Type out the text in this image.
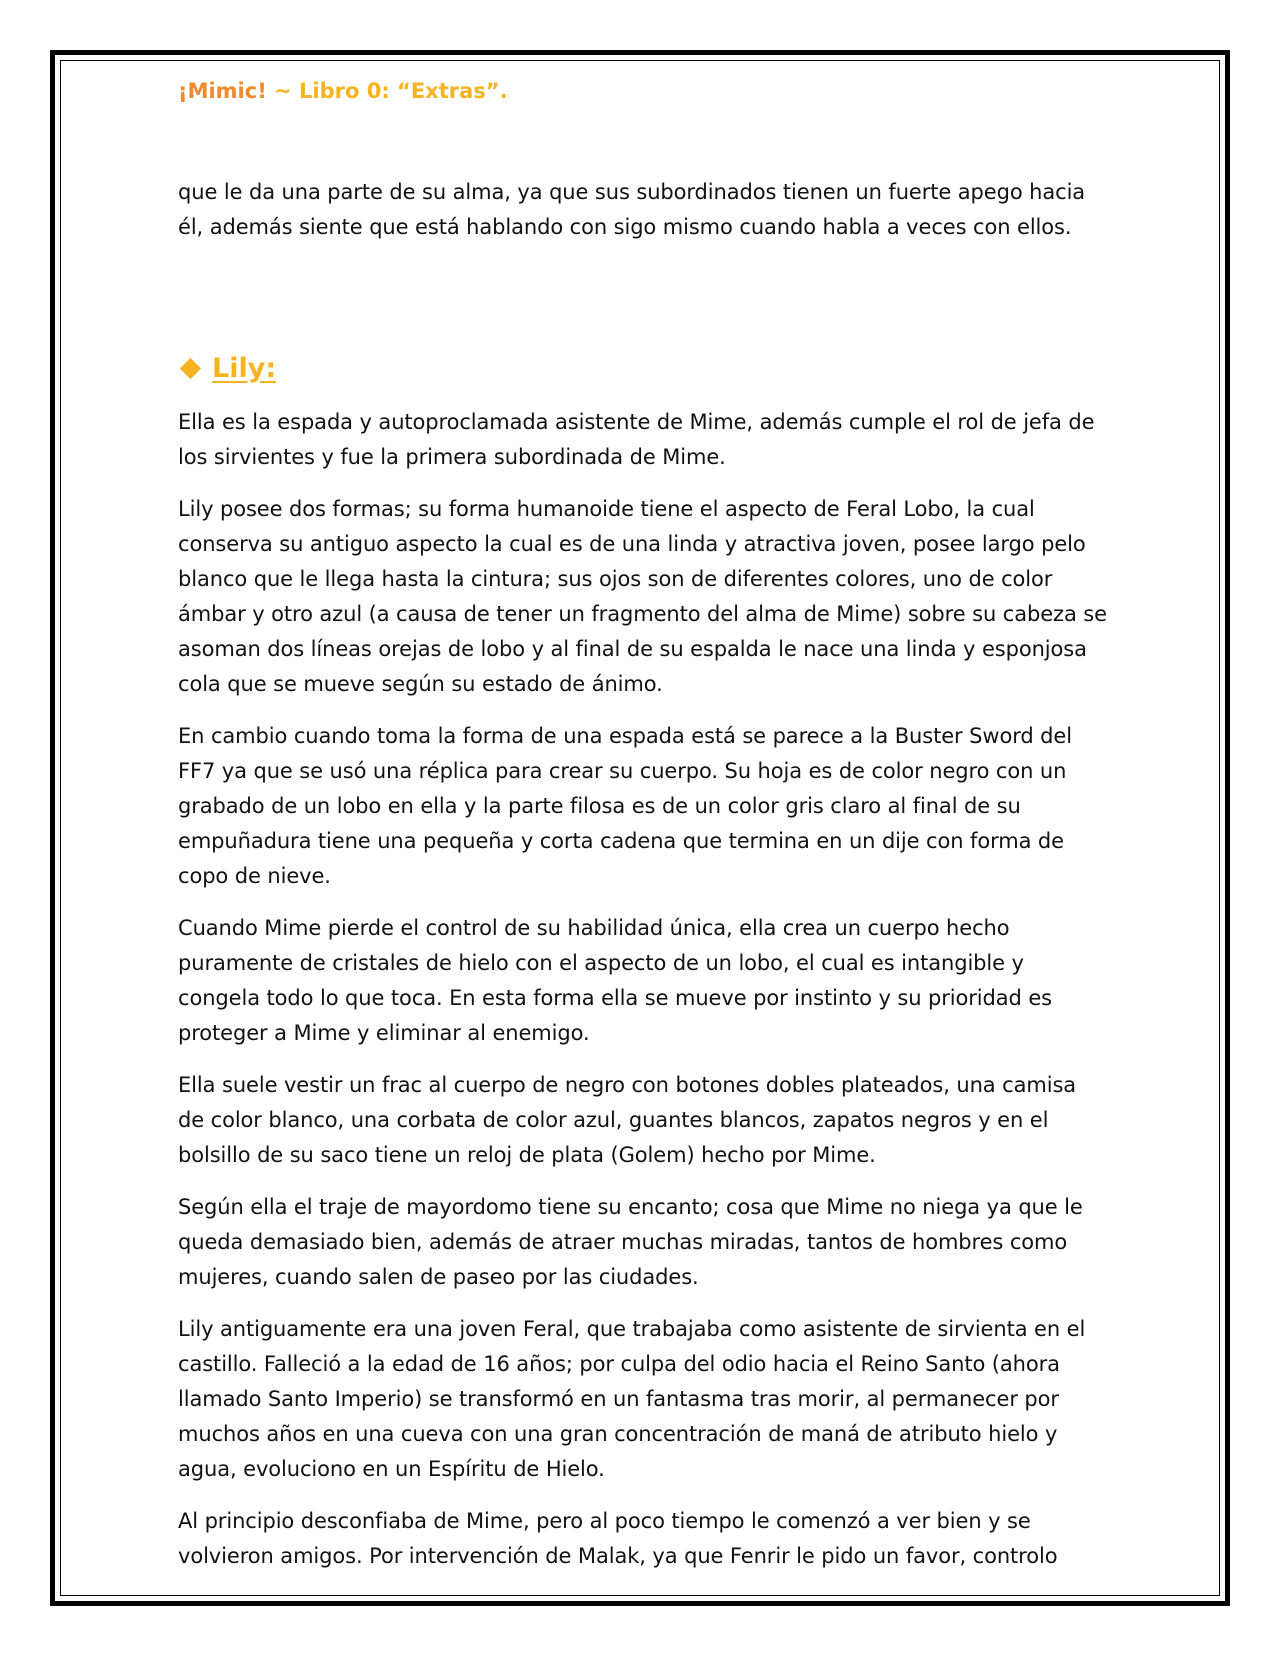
¡Mimic! ~ Libro 0: “Extras”.

que le da una parte de su alma, ya que sus subordinados tienen un fuerte apego hacia él, además siente que está hablando con sigo mismo cuando habla a veces con ellos.

Lily:

Ella es la espada y autoproclamada asistente de Mime, además cumple el rol de jefa de los sirvientes y fue la primera subordinada de Mime.

Lily posee dos formas; su forma humanoide tiene el aspecto de Feral Lobo, la cual conserva su antiguo aspecto la cual es de una linda y atractiva joven, posee largo pelo blanco que le llega hasta la cintura; sus ojos son de diferentes colores, uno de color ámbar y otro azul (a causa de tener un fragmento del alma de Mime) sobre su cabeza se asoman dos líneas orejas de lobo y al final de su espalda le nace una linda y esponjosa cola que se mueve según su estado de ánimo.

En cambio cuando toma la forma de una espada está se parece a la Buster Sword del FF7 ya que se usó una réplica para crear su cuerpo. Su hoja es de color negro con un grabado de un lobo en ella y la parte filosa es de un color gris claro al final de su empuñadura tiene una pequeña y corta cadena que termina en un dije con forma de copo de nieve.

Cuando Mime pierde el control de su habilidad única, ella crea un cuerpo hecho puramente de cristales de hielo con el aspecto de un lobo, el cual es intangible y congela todo lo que toca. En esta forma ella se mueve por instinto y su prioridad es proteger a Mime y eliminar al enemigo.

Ella suele vestir un frac al cuerpo de negro con botones dobles plateados, una camisa de color blanco, una corbata de color azul, guantes blancos, zapatos negros y en el bolsillo de su saco tiene un reloj de plata (Golem) hecho por Mime.

Según ella el traje de mayordomo tiene su encanto; cosa que Mime no niega ya que le queda demasiado bien, además de atraer muchas miradas, tantos de hombres como mujeres, cuando salen de paseo por las ciudades.

Lily antiguamente era una joven Feral, que trabajaba como asistente de sirvienta en el castillo. Falleció a la edad de 16 años; por culpa del odio hacia el Reino Santo (ahora llamado Santo Imperio) se transformó en un fantasma tras morir, al permanecer por muchos años en una cueva con una gran concentración de maná de atributo hielo y agua, evoluciono en un Espíritu de Hielo.

Al principio desconfiaba de Mime, pero al poco tiempo le comenzó a ver bien y se volvieron amigos. Por intervención de Malak, ya que Fenrir le pido un favor, controlo
